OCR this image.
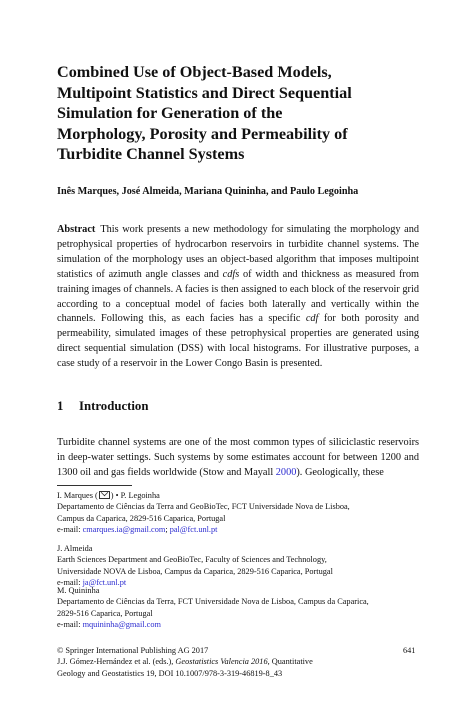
Combined Use of Object-Based Models,
Multipoint Statistics and Direct Sequential
Simulation for Generation of the
Morphology, Porosity and Permeability of
Turbidite Channel Systems
Inês Marques, José Almeida, Mariana Quininha, and Paulo Legoinha
Abstract This work presents a new methodology for simulating the morphology and petrophysical properties of hydrocarbon reservoirs in turbidite channel systems. The simulation of the morphology uses an object-based algorithm that imposes multipoint statistics of azimuth angle classes and cdfs of width and thickness as measured from training images of channels. A facies is then assigned to each block of the reservoir grid according to a conceptual model of facies both laterally and vertically within the channels. Following this, as each facies has a specific cdf for both porosity and permeability, simulated images of these petrophysical properties are generated using direct sequential simulation (DSS) with local histograms. For illustrative purposes, a case study of a reservoir in the Lower Congo Basin is presented.
1 Introduction
Turbidite channel systems are one of the most common types of siliciclastic reservoirs in deep-water settings. Such systems by some estimates account for between 1200 and 1300 oil and gas fields worldwide (Stow and Mayall 2000). Geologically, these
I. Marques ( ) • P. Legoinha
Departamento de Ciências da Terra and GeoBioTec, FCT Universidade Nova de Lisboa,
Campus da Caparica, 2829-516 Caparica, Portugal
e-mail: cmarques.ia@gmail.com; pal@fct.unl.pt
J. Almeida
Earth Sciences Department and GeoBioTec, Faculty of Sciences and Technology,
Universidade NOVA de Lisboa, Campus da Caparica, 2829-516 Caparica, Portugal
e-mail: ja@fct.unl.pt
M. Quininha
Departamento de Ciências da Terra, FCT Universidade Nova de Lisboa, Campus da Caparica,
2829-516 Caparica, Portugal
e-mail: mquininha@gmail.com
© Springer International Publishing AG 2017
J.J. Gómez-Hernández et al. (eds.), Geostatistics Valencia 2016, Quantitative
Geology and Geostatistics 19, DOI 10.1007/978-3-319-46819-8_43
641
